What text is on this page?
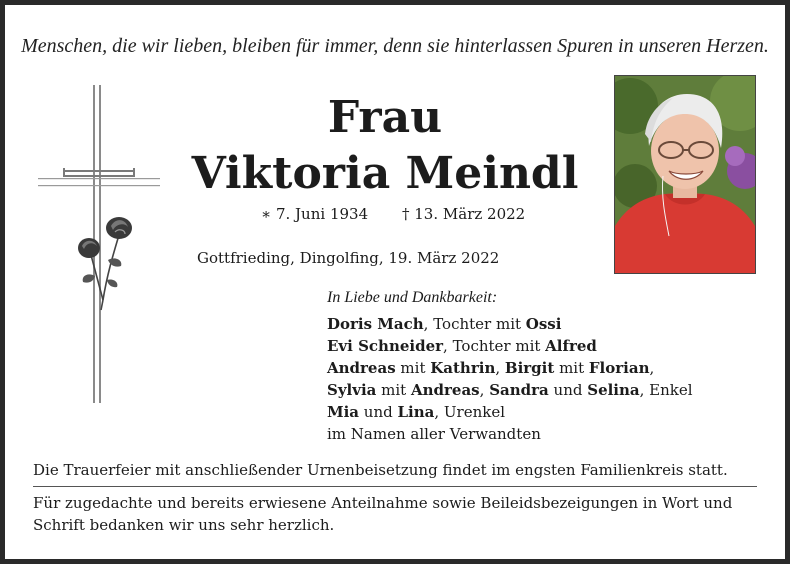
Menschen, die wir lieben, bleiben für immer, denn sie hinterlassen Spuren in unseren Herzen.
Frau
Viktoria Meindl
∗ 7. Juni 1934 † 13. März 2022
Gottfrieding, Dingolfing, 19. März 2022
In Liebe und Dankbarkeit:
Doris Mach, Tochter mit Ossi
Evi Schneider, Tochter mit Alfred
Andreas mit Kathrin, Birgit mit Florian,
Sylvia mit Andreas, Sandra und Selina, Enkel
Mia und Lina, Urenkel
im Namen aller Verwandten
Die Trauerfeier mit anschließender Urnenbeisetzung findet im engsten Familienkreis statt.
Für zugedachte und bereits erwiesene Anteilnahme sowie Beileidsbezeigungen in Wort und Schrift bedanken wir uns sehr herzlich.
